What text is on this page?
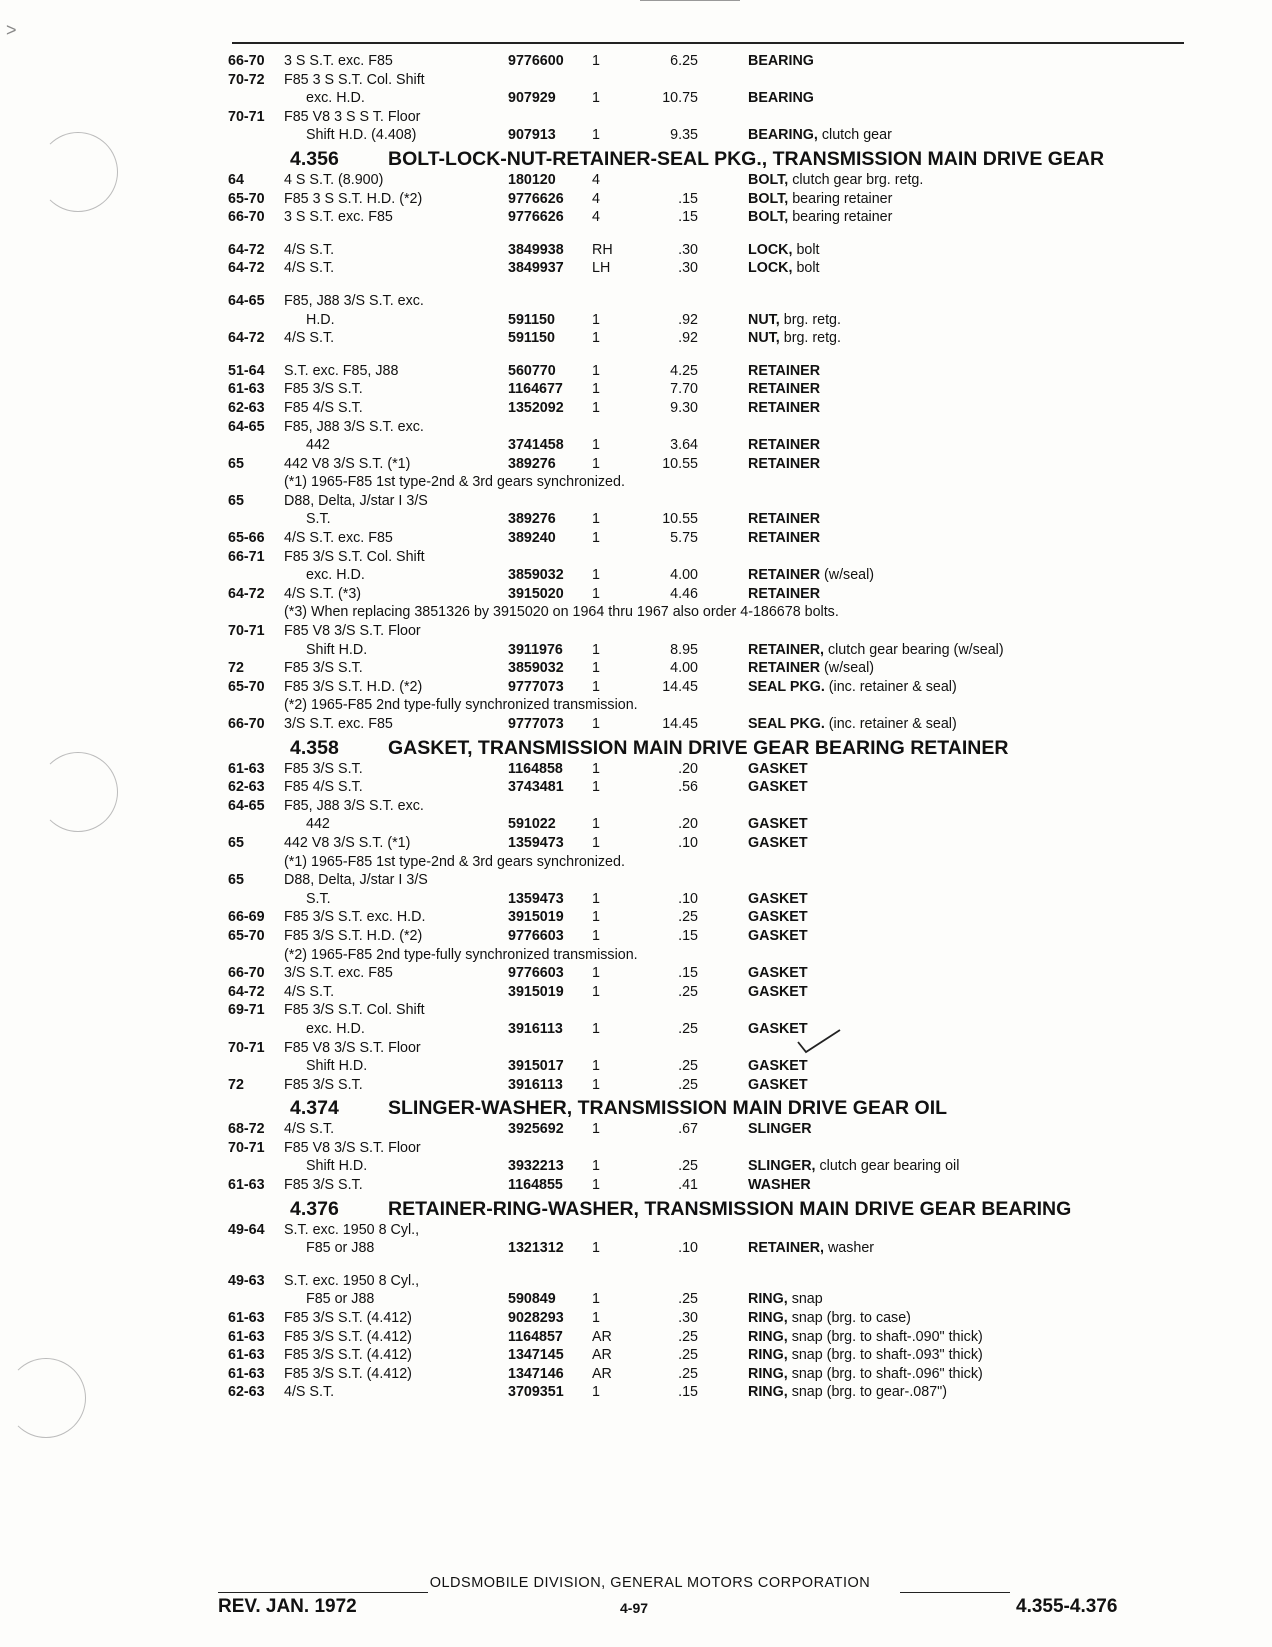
>
66-70 3 S S.T. exc. F85	9776600 1	6.25	BEARING
70-72 F85 3 S S.T. Col. Shift
exc. H.D.	907929	1	10.75	BEARING
70-71 F85 V8 3 S S T. Floor
Shift H.D. (4.408)	907913	1	9.35	BEARING, clutch gear
4.356	BOLT-LOCK-NUT-RETAINER-SEAL PKG., TRANSMISSION MAIN DRIVE GEAR
64	4 S S.T. (8.900)	180120	4	BOLT, clutch gear brg. retg.
65-70 F85 3 S S.T. H.D. (*2)	9776626 4	.15	BOLT, bearing retainer
66-70 3 S S.T. exc. F85	9776626 4	.15	BOLT, bearing retainer
64-72 4/S S.T.	3849938 RH	.30	LOCK, bolt
64-72 4/S S.T.	3849937 LH	.30	LOCK, bolt
64-65 F85, J88 3/S S.T. exc.
H.D.	591150	1	.92	NUT, brg. retg.
64-72 4/S S.T.	591150	1	.92	NUT, brg. retg.
51-64 S.T. exc. F85, J88	560770	1	4.25	RETAINER
61-63 F85 3/S S.T.	1164677 1	7.70	RETAINER
62-63 F85 4/S S.T.	1352092 1	9.30	RETAINER
64-65 F85, J88 3/S S.T. exc.
442	3741458 1	3.64	RETAINER
65	442 V8 3/S S.T. (*1)	389276	1	10.55	RETAINER
(*1) 1965-F85 1st type-2nd & 3rd gears synchronized.
65	D88, Delta, J/star I 3/S
S.T.	389276	1	10.55	RETAINER
65-66 4/S S.T. exc. F85	389240	1	5.75	RETAINER
66-71 F85 3/S S.T. Col. Shift
exc. H.D.	3859032 1	4.00	RETAINER (w/seal)
64-72 4/S S.T. (*3)	3915020 1	4.46	RETAINER
(*3) When replacing 3851326 by 3915020 on 1964 thru 1967 also order 4-186678 bolts.
70-71 F85 V8 3/S S.T. Floor
Shift H.D.	3911976 1	8.95	RETAINER, clutch gear bearing (w/seal)
72	F85 3/S S.T.	3859032 1	4.00	RETAINER (w/seal)
65-70 F85 3/S S.T. H.D. (*2)	9777073 1	14.45	SEAL PKG. (inc. retainer & seal)
(*2) 1965-F85 2nd type-fully synchronized transmission.
66-70 3/S S.T. exc. F85	9777073 1	14.45	SEAL PKG. (inc. retainer & seal)
4.358	GASKET, TRANSMISSION MAIN DRIVE GEAR BEARING RETAINER
61-63 F85 3/S S.T.	1164858 1	.20	GASKET
62-63 F85 4/S S.T.	3743481 1	.56	GASKET
64-65 F85, J88 3/S S.T. exc.
442	591022	1	.20	GASKET
65	442 V8 3/S S.T. (*1)	1359473 1	.10	GASKET
(*1) 1965-F85 1st type-2nd & 3rd gears synchronized.
65	D88, Delta, J/star I 3/S
S.T.	1359473 1	.10	GASKET
66-69 F85 3/S S.T. exc. H.D.	3915019 1	.25	GASKET
65-70 F85 3/S S.T. H.D. (*2)	9776603 1	.15	GASKET
(*2) 1965-F85 2nd type-fully synchronized transmission.
66-70 3/S S.T. exc. F85	9776603 1	.15	GASKET
64-72 4/S S.T.	3915019 1	.25	GASKET
69-71 F85 3/S S.T. Col. Shift
exc. H.D.	3916113 1	.25	GASKET
70-71 F85 V8 3/S S.T. Floor
Shift H.D.	3915017 1	.25	GASKET
72	F85 3/S S.T.	3916113 1	.25	GASKET
4.374	SLINGER-WASHER, TRANSMISSION MAIN DRIVE GEAR OIL
68-72 4/S S.T.	3925692 1	.67	SLINGER
70-71 F85 V8 3/S S.T. Floor
Shift H.D.	3932213 1	.25	SLINGER, clutch gear bearing oil
61-63 F85 3/S S.T.	1164855 1	.41	WASHER
4.376	RETAINER-RING-WASHER, TRANSMISSION MAIN DRIVE GEAR BEARING
49-64 S.T. exc. 1950 8 Cyl.,
F85 or J88	1321312 1	.10	RETAINER, washer
49-63 S.T. exc. 1950 8 Cyl.,
F85 or J88	590849	1	.25	RING, snap
61-63 F85 3/S S.T. (4.412)	9028293 1	.30	RING, snap (brg. to case)
61-63 F85 3/S S.T. (4.412)	1164857 AR	.25	RING, snap (brg. to shaft-.090" thick)
61-63 F85 3/S S.T. (4.412)	1347145 AR	.25	RING, snap (brg. to shaft-.093" thick)
61-63 F85 3/S S.T. (4.412)	1347146 AR	.25	RING, snap (brg. to shaft-.096" thick)
62-63 4/S S.T.	3709351 1	.15	RING, snap (brg. to gear-.087")
OLDSMOBILE DIVISION, GENERAL MOTORS CORPORATION
REV. JAN. 1972	4-97	4.355-4.376
